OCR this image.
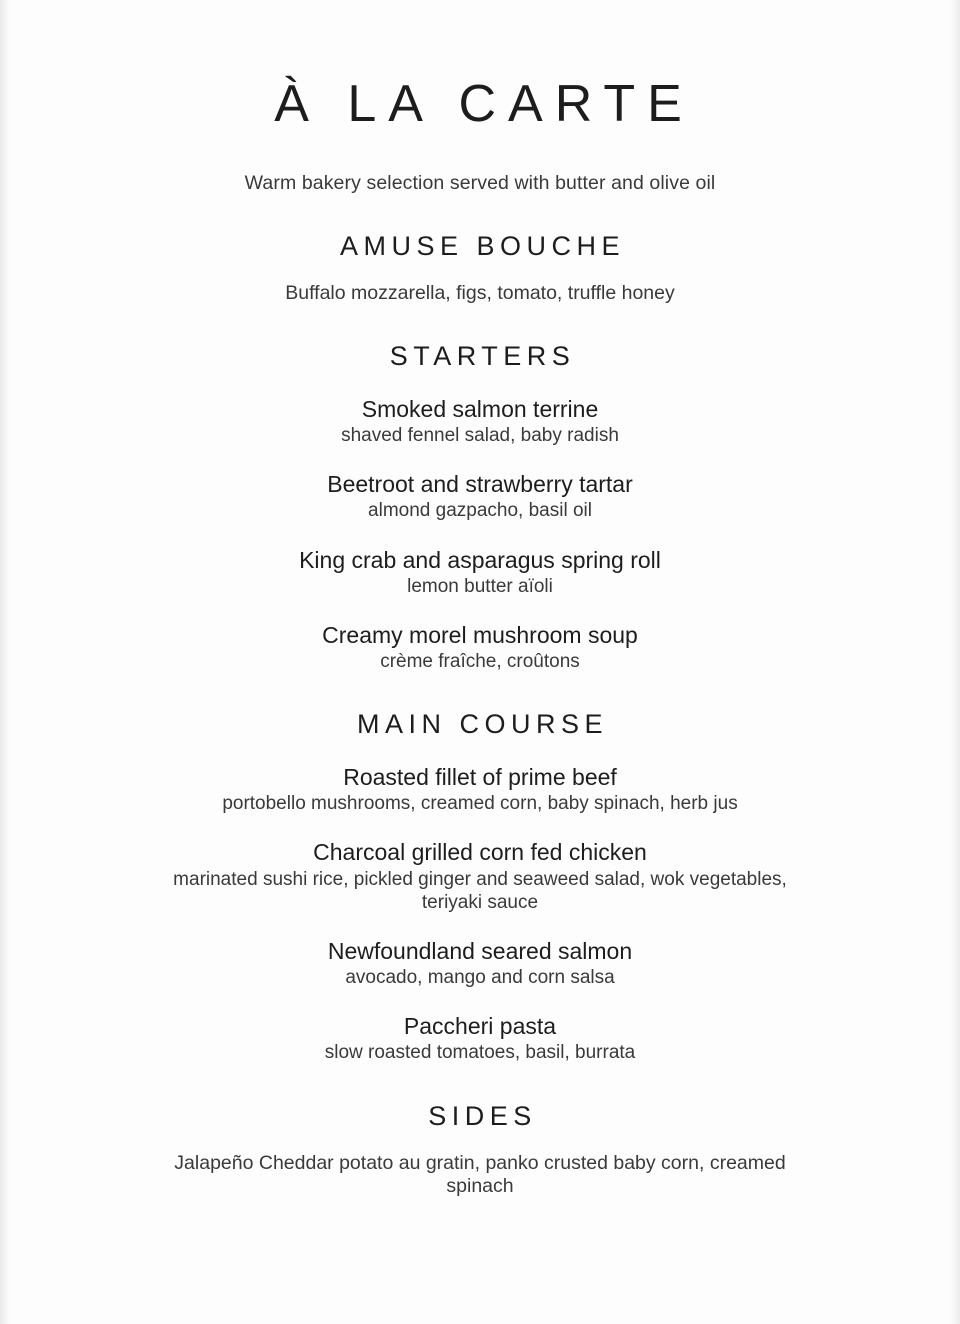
À LA CARTE
Warm bakery selection served with butter and olive oil
AMUSE BOUCHE
Buffalo mozzarella, figs, tomato, truffle honey
STARTERS
Smoked salmon terrine
shaved fennel salad, baby radish
Beetroot and strawberry tartar
almond gazpacho, basil oil
King crab and asparagus spring roll
lemon butter aïoli
Creamy morel mushroom soup
crème fraîche, croûtons
MAIN COURSE
Roasted fillet of prime beef
portobello mushrooms, creamed corn, baby spinach, herb jus
Charcoal grilled corn fed chicken
marinated sushi rice, pickled ginger and seaweed salad, wok vegetables, teriyaki sauce
Newfoundland seared salmon
avocado, mango and corn salsa
Paccheri pasta
slow roasted tomatoes, basil, burrata
SIDES
Jalapeño Cheddar potato au gratin, panko crusted baby corn, creamed spinach
